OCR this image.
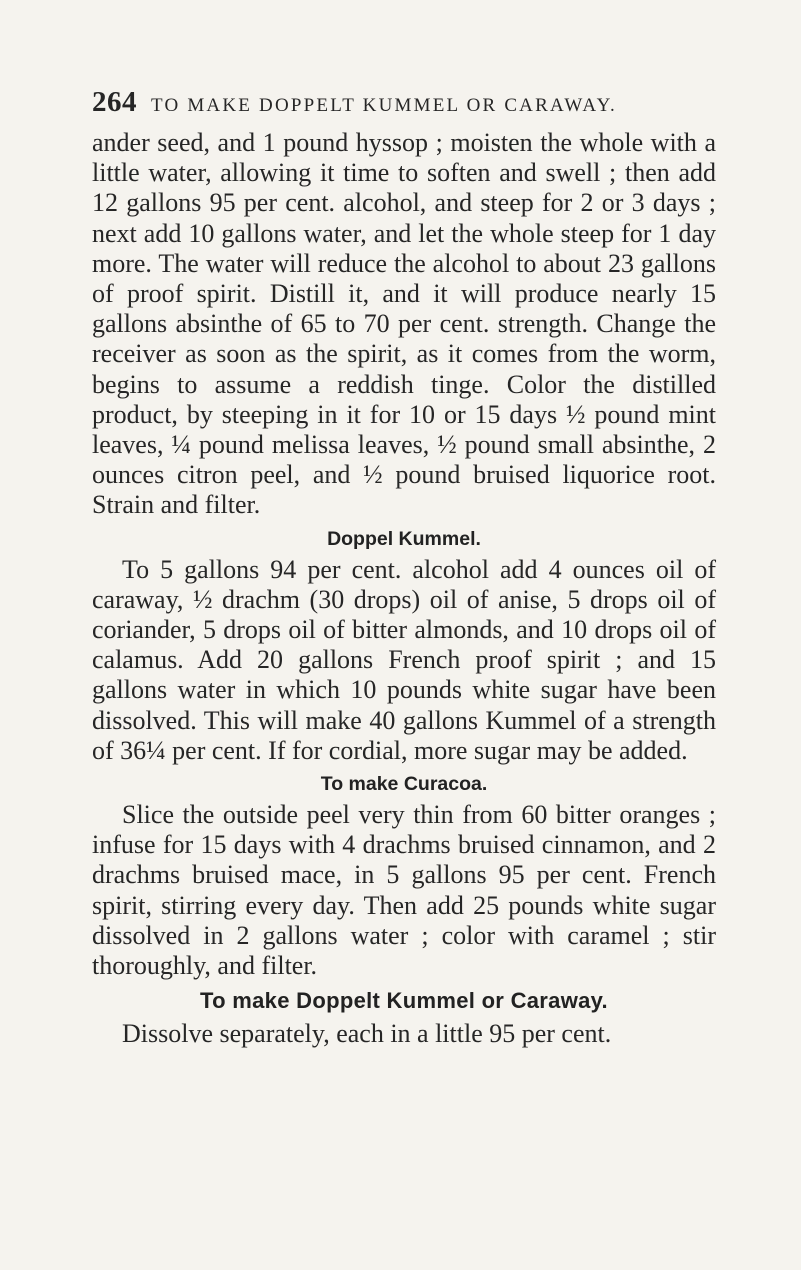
264 TO MAKE DOPPELT KUMMEL OR CARAWAY.

ander seed, and 1 pound hyssop ; moisten the whole with a little water, allowing it time to soften and swell ; then add 12 gallons 95 per cent. alcohol, and steep for 2 or 3 days ; next add 10 gallons water, and let the whole steep for 1 day more. The water will reduce the alcohol to about 23 gallons of proof spirit. Distill it, and it will produce nearly 15 gallons absinthe of 65 to 70 per cent. strength. Change the receiver as soon as the spirit, as it comes from the worm, begins to assume a reddish tinge. Color the distilled product, by steeping in it for 10 or 15 days ½ pound mint leaves, ¼ pound melissa leaves, ½ pound small absinthe, 2 ounces citron peel, and ½ pound bruised liquorice root. Strain and filter.

Doppel Kummel.

To 5 gallons 94 per cent. alcohol add 4 ounces oil of caraway, ½ drachm (30 drops) oil of anise, 5 drops oil of coriander, 5 drops oil of bitter almonds, and 10 drops oil of calamus. Add 20 gallons French proof spirit ; and 15 gallons water in which 10 pounds white sugar have been dissolved. This will make 40 gallons Kummel of a strength of 36¼ per cent. If for cordial, more sugar may be added.

To make Curacoa.

Slice the outside peel very thin from 60 bitter oranges ; infuse for 15 days with 4 drachms bruised cinnamon, and 2 drachms bruised mace, in 5 gallons 95 per cent. French spirit, stirring every day. Then add 25 pounds white sugar dissolved in 2 gallons water ; color with caramel ; stir thoroughly, and filter.

To make Doppelt Kummel or Caraway.

Dissolve separately, each in a little 95 per cent.
